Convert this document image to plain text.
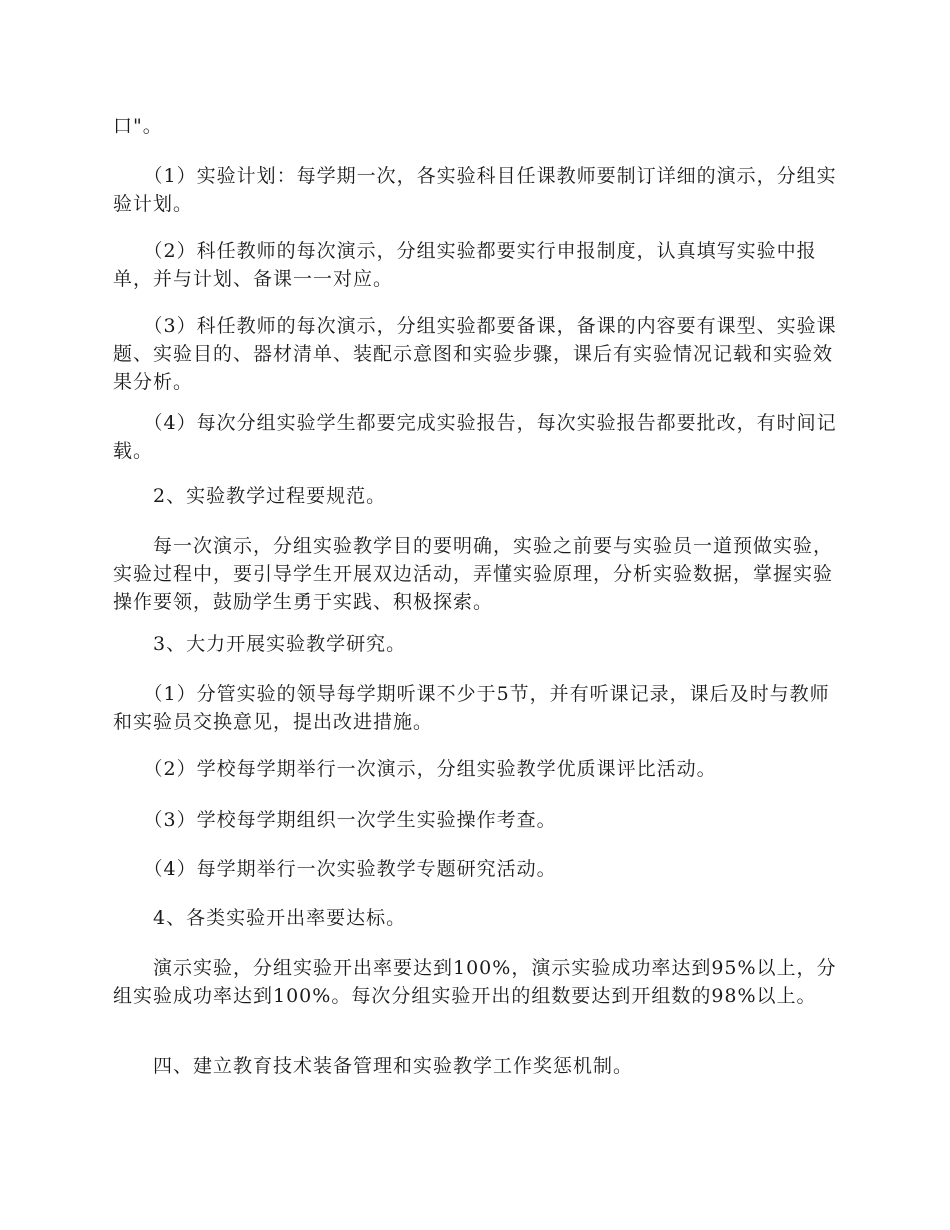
口"。

　　（1）实验计划：每学期一次，各实验科目任课教师要制订详细的演示，分组实验计划。

　　（2）科任教师的每次演示，分组实验都要实行申报制度，认真填写实验中报单，并与计划、备课一一对应。

　　（3）科任教师的每次演示，分组实验都要备课，备课的内容要有课型、实验课题、实验目的、器材清单、装配示意图和实验步骤，课后有实验情况记载和实验效果分析。

　　（4）每次分组实验学生都要完成实验报告，每次实验报告都要批改，有时间记载。

　　2、实验教学过程要规范。

　　每一次演示，分组实验教学目的要明确，实验之前要与实验员一道预做实验，实验过程中，要引导学生开展双边活动，弄懂实验原理，分析实验数据，掌握实验操作要领，鼓励学生勇于实践、积极探索。

　　3、大力开展实验教学研究。

　　（1）分管实验的领导每学期听课不少于5节，并有听课记录，课后及时与教师和实验员交换意见，提出改进措施。

　　（2）学校每学期举行一次演示，分组实验教学优质课评比活动。

　　（3）学校每学期组织一次学生实验操作考查。

　　（4）每学期举行一次实验教学专题研究活动。

　　4、各类实验开出率要达标。

　　演示实验，分组实验开出率要达到100%，演示实验成功率达到95%以上，分组实验成功率达到100%。每次分组实验开出的组数要达到开组数的98%以上。

　　四、建立教育技术装备管理和实验教学工作奖惩机制。
